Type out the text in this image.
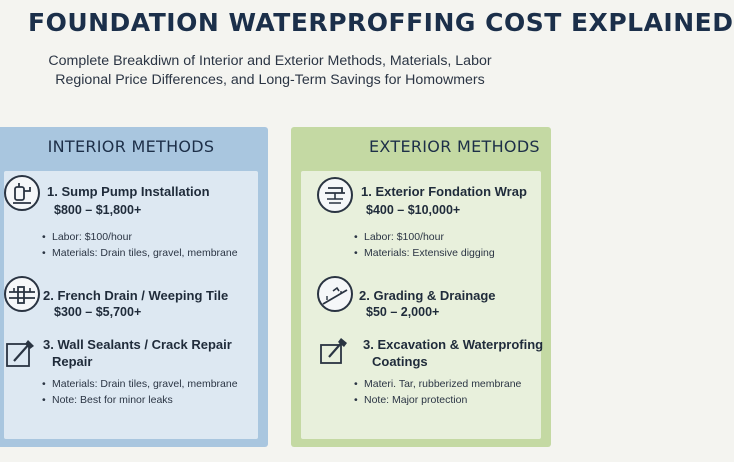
FOUNDATION WATERPROFFING COST EXPLAINED
Complete Breakdiwn of Interior and Exterior Methods, Materials, Labor
Regional Price Differences, and Long-Term Savings for Homowmers
INTERIOR METHODS
1. Sump Pump Installation
$800 – $1,800+
• Labor: $100/hour
• Materials: Drain tiles, gravel, membrane
2. French Drain / Weeping Tile
$300 – $5,700+
3. Wall Sealants / Crack Repair
Repair
• Materials: Drain tiles, gravel, membrane
• Note: Best for minor leaks
EXTERIOR METHODS
1. Exterior Fondation Wrap
$400 – $10,000+
• Labor: $100/hour
• Materials: Extensive digging
2. Grading & Drainage
$50 – 2,000+
3. Excavation & Waterprofing
Coatings
• Materi. Tar, rubberized membrane
• Note: Major protection
